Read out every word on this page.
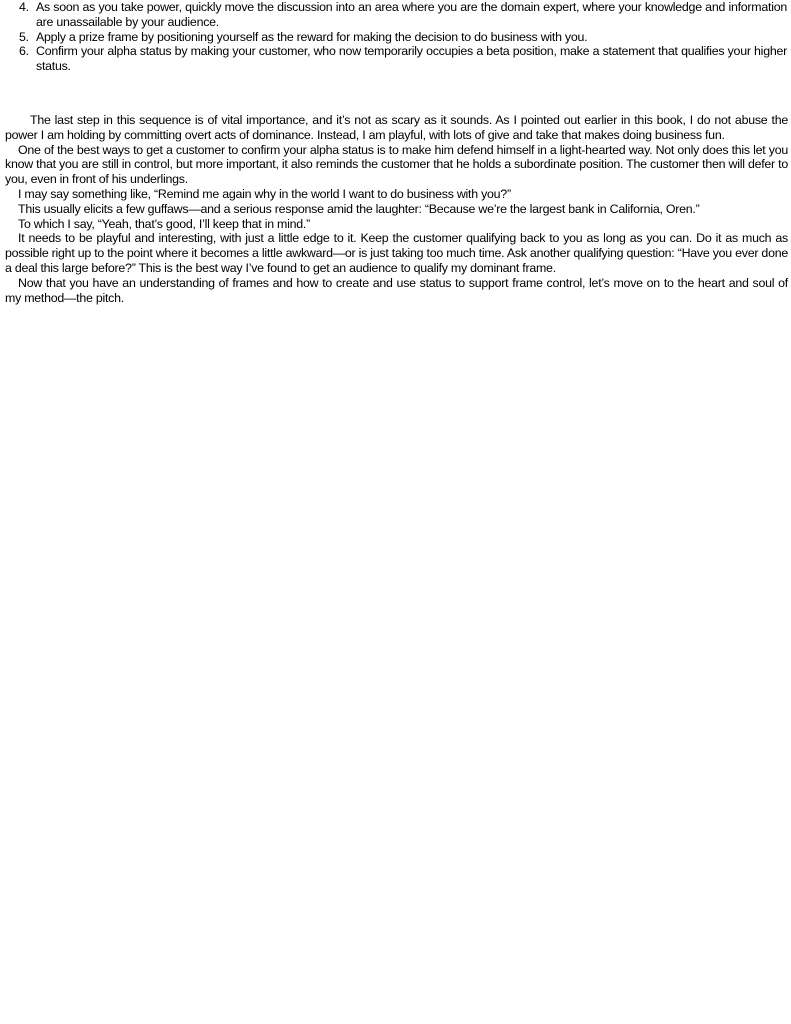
4. As soon as you take power, quickly move the discussion into an area where you are the domain expert, where your knowledge and information are unassailable by your audience.
5. Apply a prize frame by positioning yourself as the reward for making the decision to do business with you.
6. Confirm your alpha status by making your customer, who now temporarily occupies a beta position, make a statement that qualifies your higher status.

The last step in this sequence is of vital importance, and it’s not as scary as it sounds. As I pointed out earlier in this book, I do not abuse the power I am holding by committing overt acts of dominance. Instead, I am playful, with lots of give and take that makes doing business fun.

One of the best ways to get a customer to confirm your alpha status is to make him defend himself in a light-hearted way. Not only does this let you know that you are still in control, but more important, it also reminds the customer that he holds a subordinate position. The customer then will defer to you, even in front of his underlings.

I may say something like, “Remind me again why in the world I want to do business with you?”

This usually elicits a few guffaws—and a serious response amid the laughter: “Because we’re the largest bank in California, Oren.”

To which I say, “Yeah, that’s good, I’ll keep that in mind.”

It needs to be playful and interesting, with just a little edge to it. Keep the customer qualifying back to you as long as you can. Do it as much as possible right up to the point where it becomes a little awkward—or is just taking too much time. Ask another qualifying question: “Have you ever done a deal this large before?” This is the best way I’ve found to get an audience to qualify my dominant frame.

Now that you have an understanding of frames and how to create and use status to support frame control, let’s move on to the heart and soul of my method—the pitch.
